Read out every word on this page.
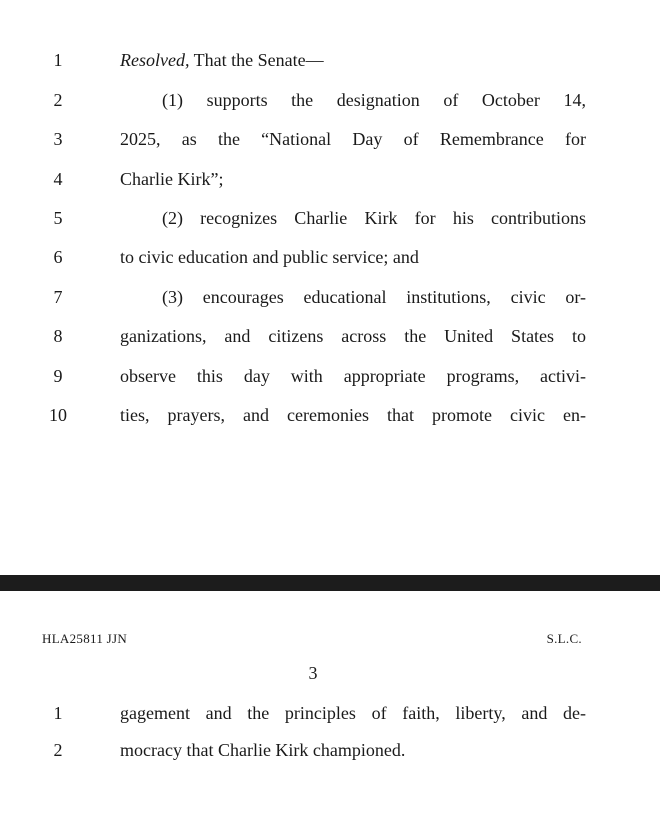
1	Resolved, That the Senate—
2	(1) supports the designation of October 14,
3	2025, as the “National Day of Remembrance for
4	Charlie Kirk”;
5	(2) recognizes Charlie Kirk for his contributions
6	to civic education and public service; and
7	(3) encourages educational institutions, civic or-
8	ganizations, and citizens across the United States to
9	observe this day with appropriate programs, activi-
10	ties, prayers, and ceremonies that promote civic en-
HLA25811 JJN	S.L.C.
3
1	gagement and the principles of faith, liberty, and de-
2	mocracy that Charlie Kirk championed.
